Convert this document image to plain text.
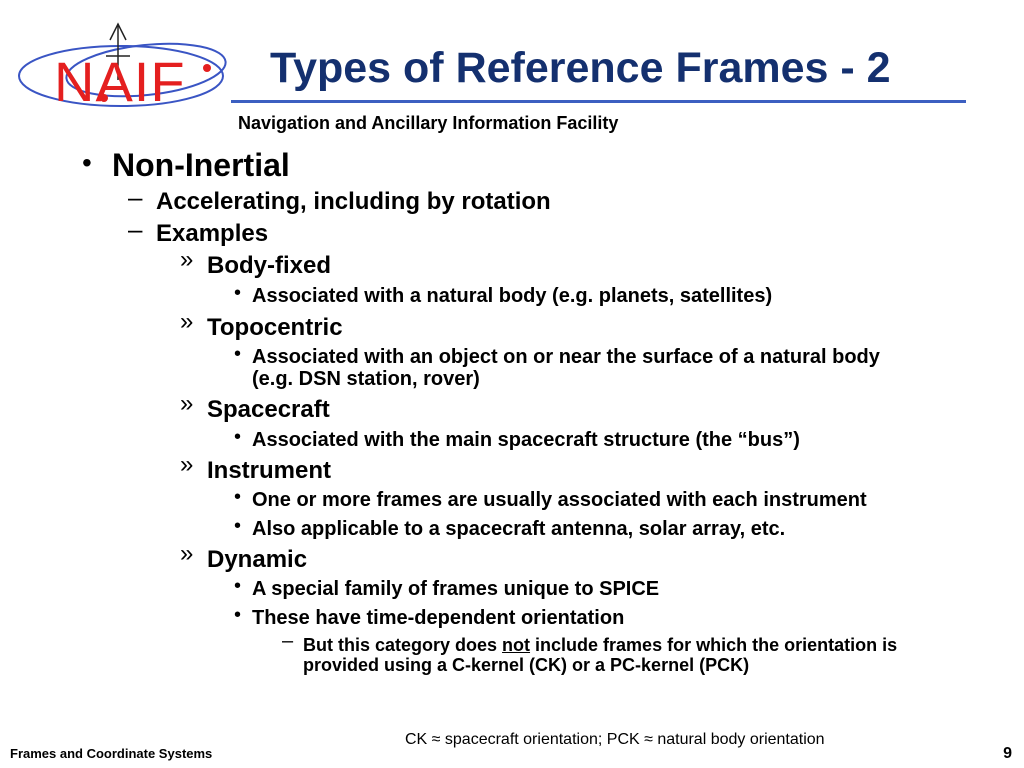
NAIF Types of Reference Frames - 2
Navigation and Ancillary Information Facility
• Non-Inertial
– Accelerating, including by rotation
– Examples
» Body-fixed
• Associated with a natural body (e.g. planets, satellites)
» Topocentric
• Associated with an object on or near the surface of a natural body
(e.g. DSN station, rover)
» Spacecraft
• Associated with the main spacecraft structure (the “bus”)
» Instrument
• One or more frames are usually associated with each instrument
• Also applicable to a spacecraft antenna, solar array, etc.
» Dynamic
• A special family of frames unique to SPICE
• These have time-dependent orientation
– But this category does not include frames for which the orientation is
provided using a C-kernel (CK) or a PC-kernel (PCK)
Frames and Coordinate Systems
CK ≈ spacecraft orientation; PCK ≈ natural body orientation
9
